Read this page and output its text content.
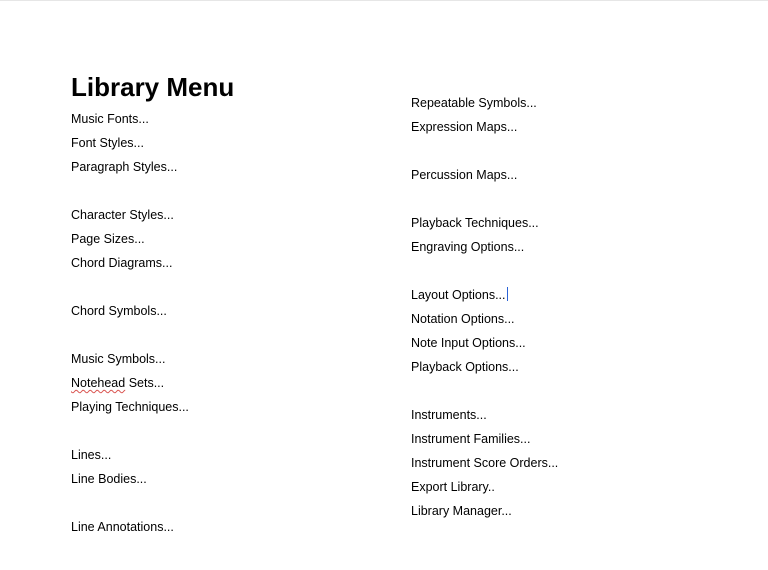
Library Menu
Music Fonts...
Font Styles...
Paragraph Styles...
Character Styles...
Page Sizes...
Chord Diagrams...
Chord Symbols...
Music Symbols...
Notehead Sets...
Playing Techniques...
Lines...
Line Bodies...
Line Annotations...
Repeatable Symbols...
Expression Maps...
Percussion Maps...
Playback Techniques...
Engraving Options...
Layout Options...
Notation Options...
Note Input Options...
Playback Options...
Instruments...
Instrument Families...
Instrument Score Orders...
Export Library..
Library Manager...
